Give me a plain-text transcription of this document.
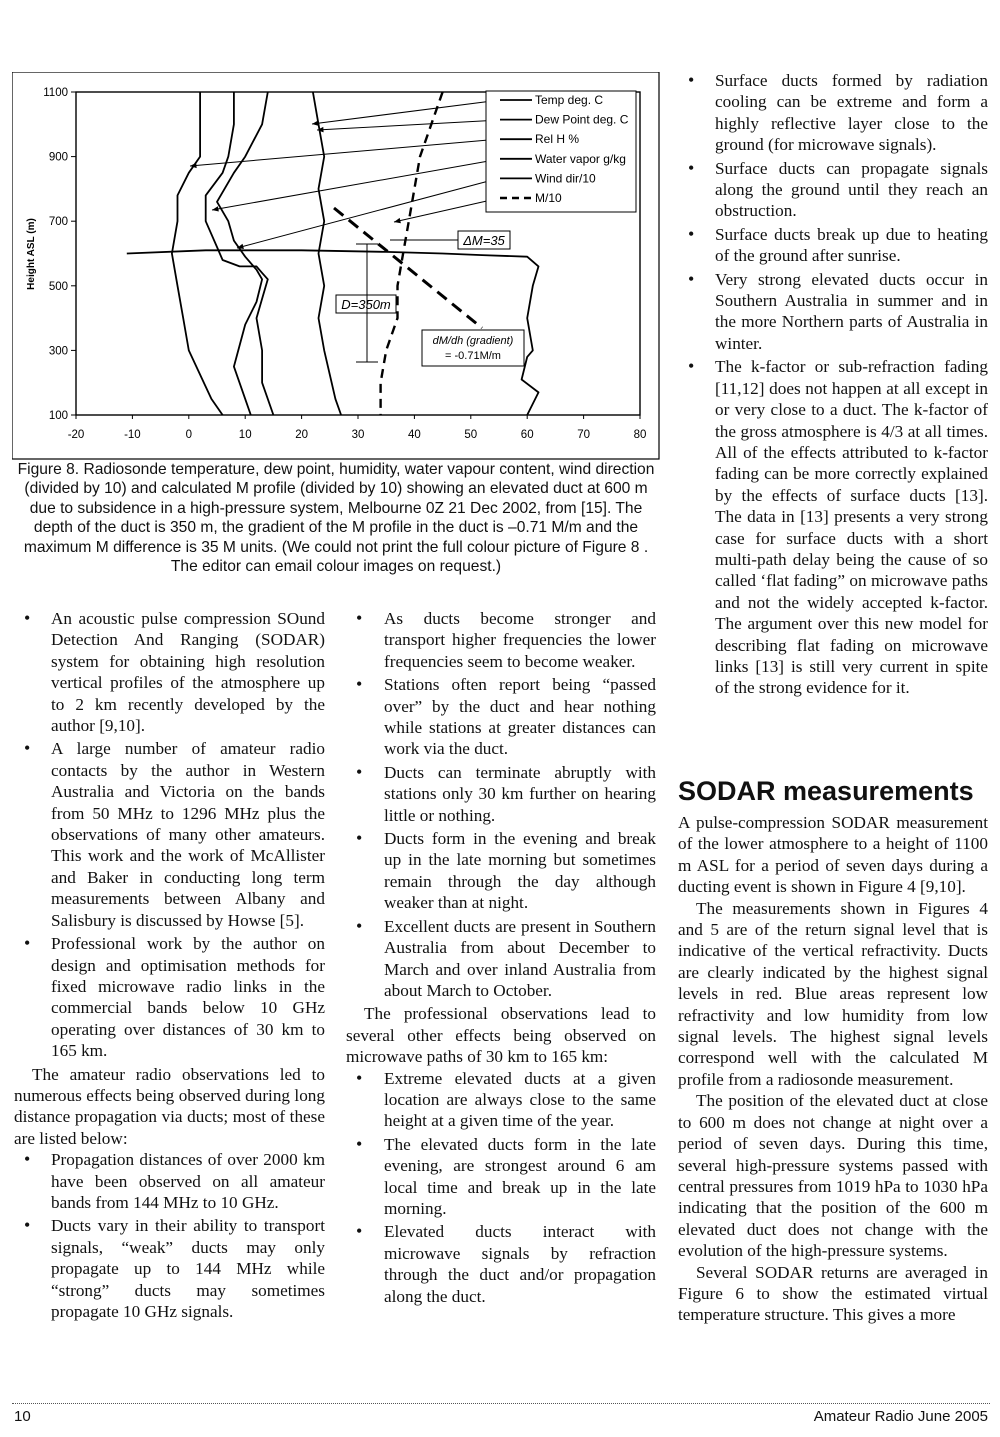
100
300
500
700
900
1100
-20	-10	0	10	20	30	40	50	60	70	80
Height ASL (m)
Temp deg. C
Dew Point deg. C
Rel H %
Water vapor g/kg
Wind dir/10
M/10
ΔM=35
D=350m
dM/dh (gradient)
= -0.71M/m
Figure 8. Radiosonde temperature, dew point, humidity, water vapour content, wind direction (divided by 10) and calculated M profile (divided by 10) showing an elevated duct at 600 m due to subsidence in a high-pressure system, Melbourne 0Z 21 Dec 2002, from [15]. The depth of the duct is 350 m, the gradient of the M profile in the duct is –0.71 M/m and the maximum M difference is 35 M units. (We could not print the full colour picture of Figure 8 . The editor can email colour images on request.)
• An acoustic pulse compression SOund Detection And Ranging (SODAR) system for obtaining high resolution vertical profiles of the atmosphere up to 2 km recently developed by the author [9,10].
• A large number of amateur radio contacts by the author in Western Australia and Victoria on the bands from 50 MHz to 1296 MHz plus the observations of many other amateurs. This work and the work of McAllister and Baker in conducting long term measurements between Albany and Salisbury is discussed by Howse [5].
• Professional work by the author on design and optimisation methods for fixed microwave radio links in the commercial bands below 10 GHz operating over distances of 30 km to 165 km.

The amateur radio observations led to numerous effects being observed during long distance propagation via ducts; most of these are listed below:

• Propagation distances of over 2000 km have been observed on all amateur bands from 144 MHz to 10 GHz.
• Ducts vary in their ability to transport signals, “weak” ducts may only propagate up to 144 MHz while “strong” ducts may sometimes propagate 10 GHz signals.
• As ducts become stronger and transport higher frequencies the lower frequencies seem to become weaker.
• Stations often report being “passed over” by the duct and hear nothing while stations at greater distances can work via the duct.
• Ducts can terminate abruptly with stations only 30 km further on hearing little or nothing.
• Ducts form in the evening and break up in the late morning but sometimes remain through the day although weaker than at night.
• Excellent ducts are present in Southern Australia from about December to March and over inland Australia from about March to October.

The professional observations lead to several other effects being observed on microwave paths of 30 km to 165 km:

• Extreme elevated ducts at a given location are always close to the same height at a given time of the year.
• The elevated ducts form in the late evening, are strongest around 6 am local time and break up in the late morning.
• Elevated ducts interact with microwave signals by refraction through the duct and/or propagation along the duct.
• Surface ducts formed by radiation cooling can be extreme and form a highly reflective layer close to the ground (for microwave signals).
• Surface ducts can propagate signals along the ground until they reach an obstruction.
• Surface ducts break up due to heating of the ground after sunrise.
• Very strong elevated ducts occur in Southern Australia in summer and in the more Northern parts of Australia in winter.
• The k-factor or sub-refraction fading [11,12] does not happen at all except in or very close to a duct. The k-factor of the gross atmosphere is 4/3 at all times. All of the effects attributed to k-factor fading can be more correctly explained by the effects of surface ducts [13]. The data in [13] presents a very strong case for surface ducts with a short multi-path delay being the cause of so called ‘flat fading” on microwave paths and not the widely accepted k-factor. The argument over this new model for describing flat fading on microwave links [13] is still very current in spite of the strong evidence for it.
SODAR measurements

A pulse-compression SODAR measurement of the lower atmosphere to a height of 1100 m ASL for a period of seven days during a ducting event is shown in Figure 4 [9,10].

The measurements shown in Figures 4 and 5 are of the return signal level that is indicative of the vertical refractivity. Ducts are clearly indicated by the highest signal levels in red. Blue areas represent low refractivity and low humidity from low signal levels. The highest signal levels correspond well with the calculated M profile from a radiosonde measurement.

The position of the elevated duct at close to 600 m does not change at night over a period of seven days. During this time, several high-pressure systems passed with central pressures from 1019 hPa to 1030 hPa indicating that the position of the 600 m elevated duct does not change with the evolution of the high-pressure systems.

Several SODAR returns are averaged in Figure 6 to show the estimated virtual temperature structure. This gives a more

10	Amateur Radio June 2005
